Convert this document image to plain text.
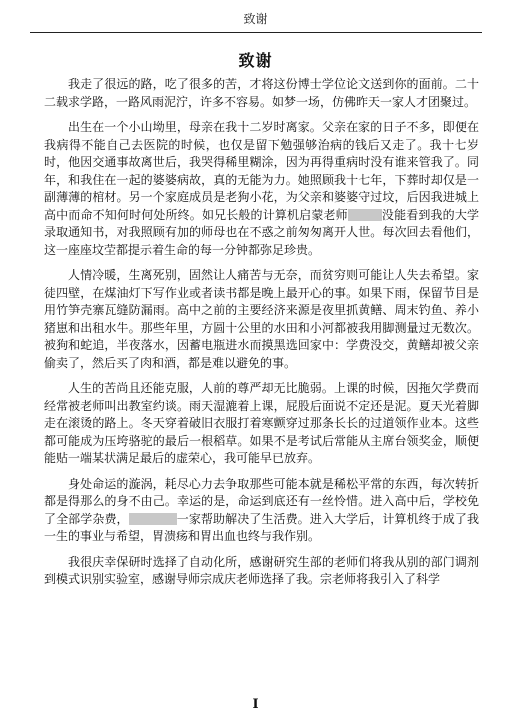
致谢
致谢

我走了很远的路，吃了很多的苦，才将这份博士学位论文送到你的面前。二十二载求学路，一路风雨泥泞，许多不容易。如梦一场，仿佛昨天一家人才团聚过。

出生在一个小山坳里，母亲在我十二岁时离家。父亲在家的日子不多，即便在我病得不能自己去医院的时候，也仅是留下勉强够治病的钱后又走了。我十七岁时，他因交通事故离世后，我哭得稀里糊涂，因为再得重病时没有谁来管我了。同年，和我住在一起的婆婆病故，真的无能为力。她照顾我十七年，下葬时却仅是一副薄薄的棺材。另一个家庭成员是老狗小花，为父亲和婆婆守过坟，后因我进城上高中而命不知何时何处所终。如兄长般的计算机启蒙老师	没能看到我的大学录取通知书，对我照顾有加的师母也在不惑之前匆匆离开人世。每次回去看他们，这一座座坟茔都提示着生命的每一分钟都弥足珍贵。

人情冷暖，生离死别，固然让人痛苦与无奈，而贫穷则可能让人失去希望。家徒四壁，在煤油灯下写作业或者读书都是晚上最开心的事。如果下雨，保留节目是用竹笋壳寨瓦缝防漏雨。高中之前的主要经济来源是夜里抓黄鳝、周末钓鱼、养小猪崽和出租水牛。那些年里，方圆十公里的水田和小河都被我用脚测量过无数次。被狗和蛇追，半夜落水，因蓄电瓶进水而摸黑选回家中：学费没交，黄鳝却被父亲偷卖了，然后买了肉和酒，都是难以避免的事。

人生的苦尚且还能克服，人前的尊严却无比脆弱。上课的时候，因拖欠学费而经常被老师叫出教室约谈。雨天湿漉着上课，屁股后面说不定还是泥。夏天光着脚走在滚烫的路上。冬天穿着破旧衣服打着寒颤穿过那条长长的过道领作业本。这些都可能成为压垮骆驼的最后一根稻草。如果不是考试后常能从主席台领奖金，顺便能贴一端某状满足最后的虚荣心，我可能早已放弃。

身处命运的漩涡，耗尽心力去争取那些可能本就是稀松平常的东西，每次转折都是得那么的身不由己。幸运的是，命运到底还有一丝怜惜。进入高中后，学校免了全部学杂费，	一家帮助解决了生活费。进入大学后，计算机终于成了我一生的事业与希望，胃溃疡和胃出血也终与我作别。

我很庆幸保研时选择了自动化所，感谢研究生部的老师们将我从别的部门调剂到模式识别实验室，感谢导师宗成庆老师选择了我。宗老师将我引入了科学

I
